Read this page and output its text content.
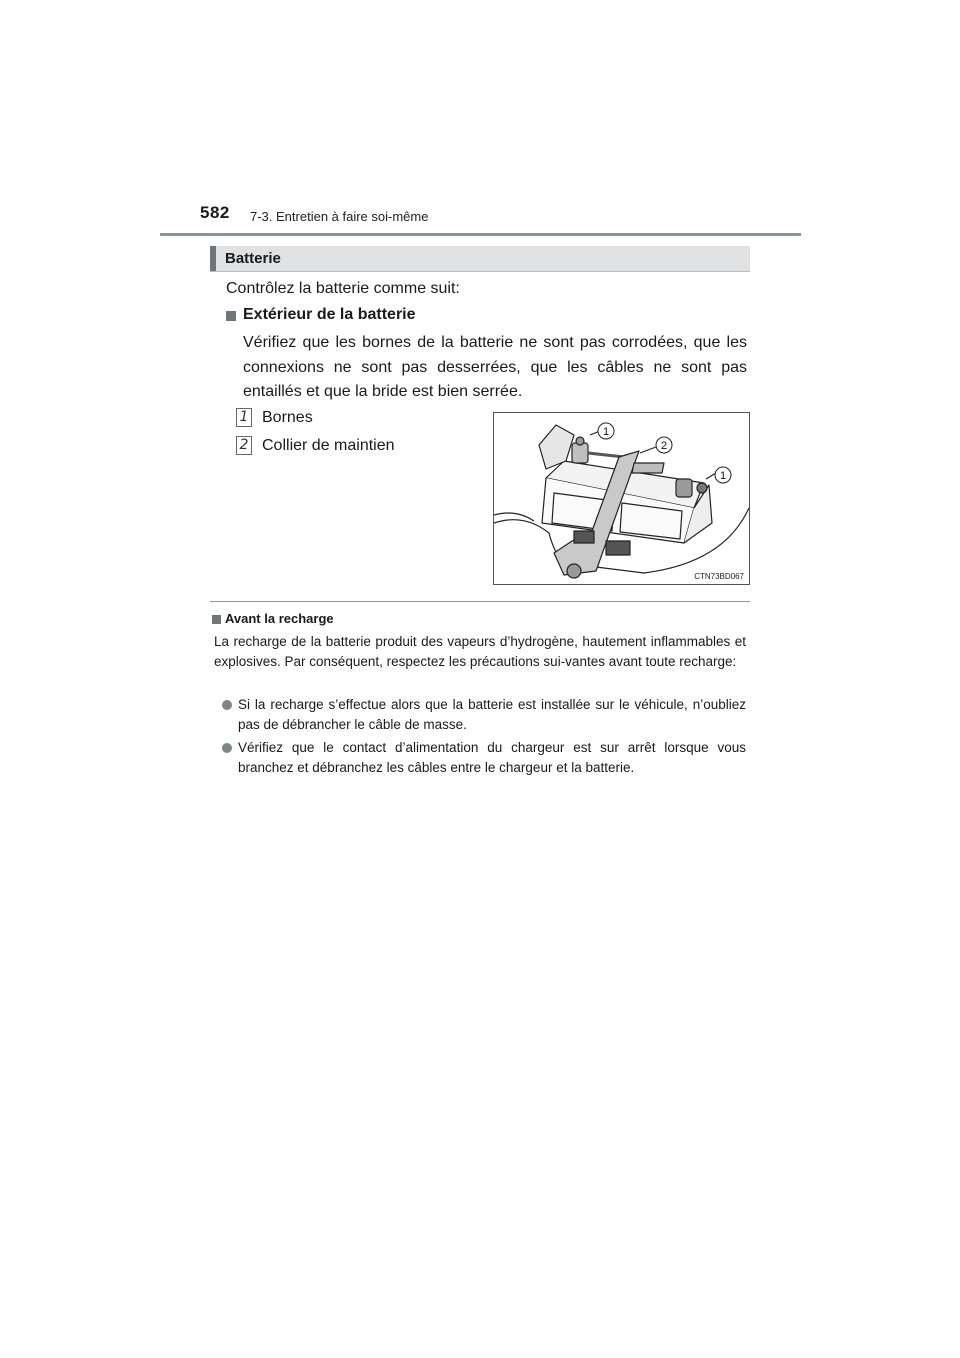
582 7-3. Entretien à faire soi-même
Batterie
Contrôlez la batterie comme suit:
Extérieur de la batterie
Vérifiez que les bornes de la batterie ne sont pas corrodées, que les connexions ne sont pas desserrées, que les câbles ne sont pas entaillés et que la bride est bien serrée.
1 Bornes
2 Collier de maintien
1
2
1
CTN73BD067
Avant la recharge
La recharge de la batterie produit des vapeurs d’hydrogène, hautement inflammables et explosives. Par conséquent, respectez les précautions sui-vantes avant toute recharge:
Si la recharge s’effectue alors que la batterie est installée sur le véhicule, n’oubliez pas de débrancher le câble de masse.
Vérifiez que le contact d’alimentation du chargeur est sur arrêt lorsque vous branchez et débranchez les câbles entre le chargeur et la batterie.
